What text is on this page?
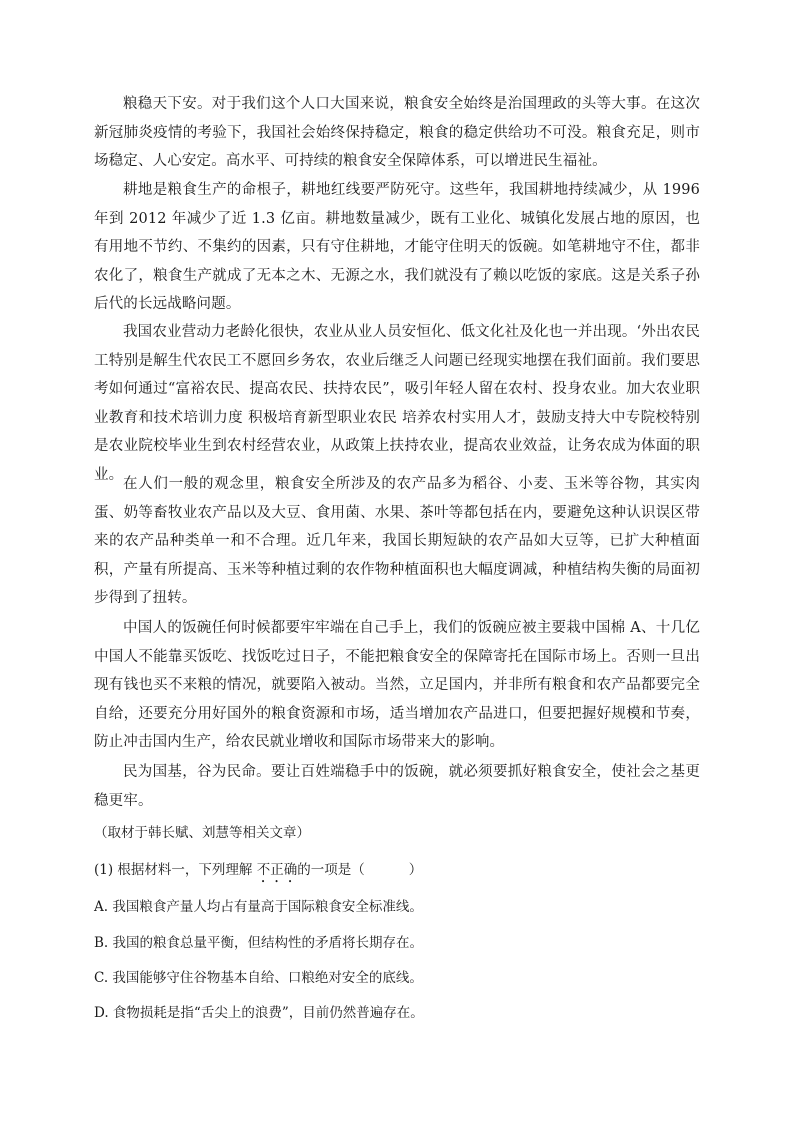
粮稳天下安。对于我们这个人口大国来说，粮食安全始终是治国理政的头等大事。在这次新冠肺炎疫情的考验下，我国社会始终保持稳定，粮食的稳定供给功不可没。粮食充足，则市场稳定、人心安定。高水平、可持续的粮食安全保障体系，可以增进民生福祉。

耕地是粮食生产的命根子，耕地红线要严防死守。这些年，我国耕地持续减少，从 1996 年到 2012 年减少了近 1.3 亿亩。耕地数量减少，既有工业化、城镇化发展占地的原因，也有用地不节约、不集约的因素，只有守住耕地，才能守住明天的饭碗。如笔耕地守不住，都非农化了，粮食生产就成了无本之木、无源之水，我们就没有了赖以吃饭的家底。这是关系子孙后代的长远战略问题。

我国农业营动力老龄化很快，农业从业人员安恒化、低文化社及化也一并出现。‘外出农民工特别是解生代农民工不愿回乡务农，农业后继乏人问题已经现实地摆在我们面前。我们要思考如何通过“富裕农民、提高农民、扶持农民”，吸引年轻人留在农村、投身农业。加大农业职业教育和技术培训力度 积极培育新型职业农民 培养农村实用人才，鼓励支持大中专院校特别是农业院校毕业生到农村经营农业，从政策上扶持农业，提高农业效益，让务农成为体面的职业。

在人们一般的观念里，粮食安全所涉及的农产品多为稻谷、小麦、玉米等谷物，其实肉 蛋、奶等畜牧业农产品以及大豆、食用菌、水果、茶叶等都包括在内，要避免这种认识误区带来的农产品种类单一和不合理。近几年来，我国长期短缺的农产品如大豆等，已扩大种植面积，产量有所提高、玉米等种植过剩的农作物种植面积也大幅度调减，种植结构失衡的局面初步得到了扭转。

中国人的饭碗任何时候都要牢牢端在自己手上，我们的饭碗应被主要栽中国棉 A、十几亿中国人不能靠买饭吃、找饭吃过日子，不能把粮食安全的保障寄托在国际市场上。否则一旦出现有钱也买不来粮的情况，就要陷入被动。当然，立足国内，并非所有粮食和农产品都要完全自给，还要充分用好国外的粮食资源和市场，适当增加农产品进口，但要把握好规模和节奏，防止冲击国内生产，给农民就业增收和国际市场带来大的影响。

民为国基，谷为民命。要让百姓端稳手中的饭碗，就必须要抓好粮食安全，使社会之基更稳更牢。

（取材于韩长赋、刘慧等相关文章）

(1) 根据材料一，下列理解 不正确的一项是（	）

A. 我国粮食产量人均占有量高于国际粮食安全标准线。

B. 我国的粮食总量平衡，但结构性的矛盾将长期存在。

C. 我国能够守住谷物基本自给、口粮绝对安全的底线。

D. 食物损耗是指“舌尖上的浪费”，目前仍然普遍存在。
